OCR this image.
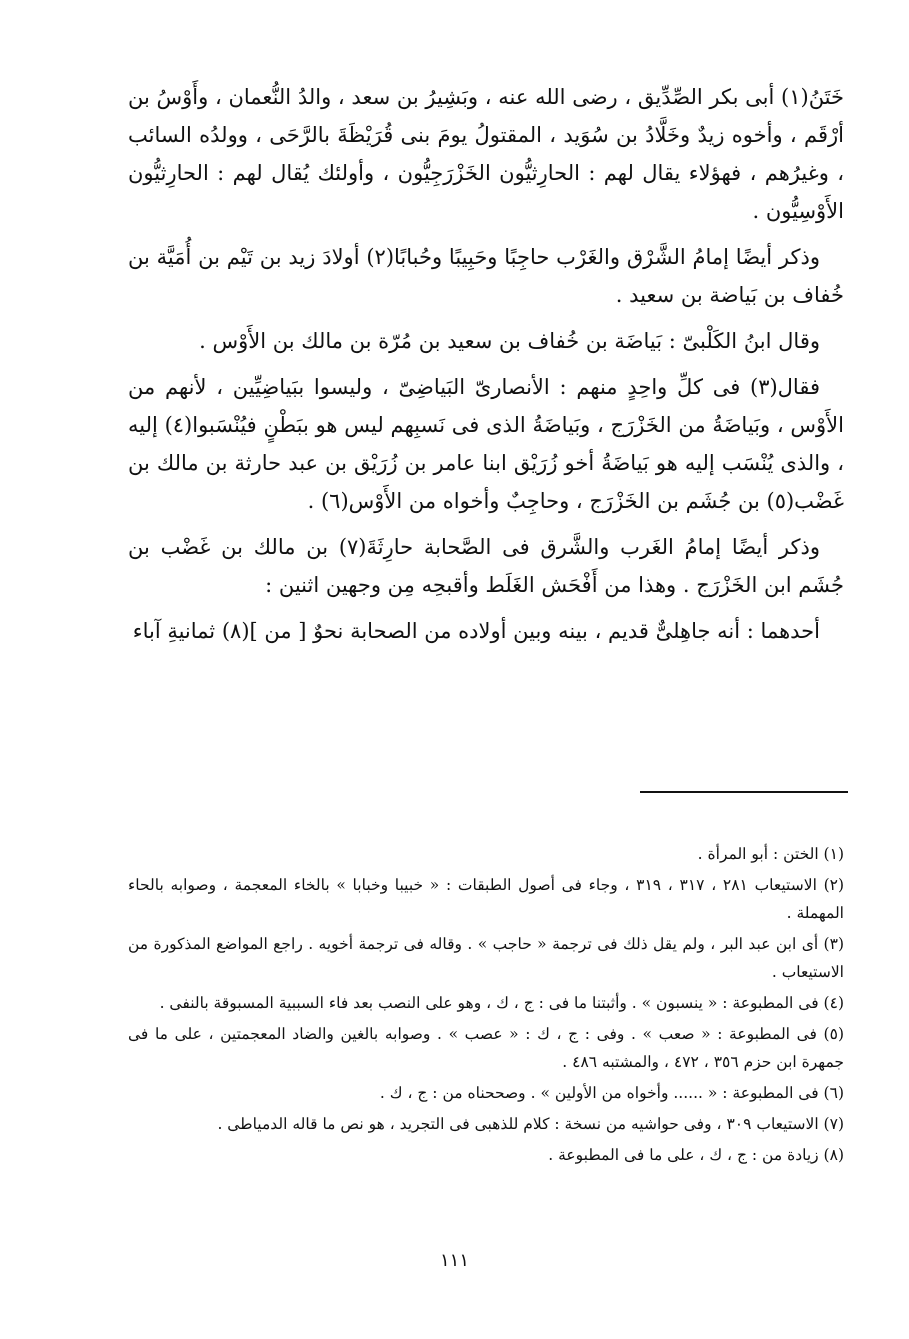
خَتَنُ(١) أبى بكر الصِّدِّيق ، رضى الله عنه ، وبَشِيرُ بن سعد ، والدُ النُّعمان ، وأَوْسُ بن أرْقَم ، وأخوه زيدٌ وخَلَّادُ بن سُوَيد ، المقتولُ يومَ بنى قُرَيْظَةَ بالرَّحَى ، وولدُه السائب ، وغيرُهم ، فهؤلاء يقال لهم : الحارِثيُّون الخَزْرَجِيُّون ، وأولئك يُقال لهم : الحارِثيُّون الأَوْسِيُّون .

وذكر أيضًا إمامُ الشَّرْق والغَرْب حاجِبًا وحَبِيبًا وحُبابًا(٢) أولادَ زيد بن تَيْم بن أُمَيَّة بن خُفاف بن بَياضة بن سعيد .

وقال ابنُ الكَلْبىّ : بَياضَة بن خُفاف بن سعيد بن مُرّة بن مالك بن الأَوْس .

فقال(٣) فى كلِّ واحِدٍ منهم : الأنصارىّ البَياضِىّ ، وليسوا ببَياضِيِّين ، لأنهم من الأَوْس ، وبَياضَةُ من الخَزْرَج ، وبَياضَةُ الذى فى نَسبِهم ليس هو ببَطْنٍ فيُنْسَبوا(٤) إليه ، والذى يُنْسَب إليه هو بَياضَةُ أخو زُرَيْق ابنا عامر بن زُرَيْق بن عبد حارثة بن مالك بن غَضْب(٥) بن جُشَم بن الخَزْرَج ، وحاجِبٌ وأخواه من الأَوْس(٦) .

وذكر أيضًا إمامُ الغَرب والشَّرق فى الصَّحابة حارِثَةَ(٧) بن مالك بن غَضْب بن جُشَم ابن الخَزْرَج . وهذا من أَفْحَش الغَلَط وأقبحِه مِن وجهين اثنين :

أحدهما : أنه جاهِلىٌّ قديم ، بينه وبين أولاده من الصحابة نحوٌ [ من ](٨) ثمانيةِ آباء

(١) الختن : أبو المرأة .

(٢) الاستيعاب ٢٨١ ، ٣١٧ ، ٣١٩ ، وجاء فى أصول الطبقات : « خبيبا وخبابا » بالخاء المعجمة ، وصوابه بالحاء المهملة .

(٣) أى ابن عبد البر ، ولم يقل ذلك فى ترجمة « حاجب » . وقاله فى ترجمة أخويه . راجع المواضع المذكورة من الاستيعاب .

(٤) فى المطبوعة : « ينسبون » . وأثبتنا ما فى : ج ، ك ، وهو على النصب بعد فاء السببية المسبوقة بالنفى .

(٥) فى المطبوعة : « صعب » . وفى : ج ، ك : « عصب » . وصوابه بالغين والضاد المعجمتين ، على ما فى جمهرة ابن حزم ٣٥٦ ، ٤٧٢ ، والمشتبه ٤٨٦ .

(٦) فى المطبوعة : « ...... وأخواه من الأولين » . وصححناه من : ج ، ك .

(٧) الاستيعاب ٣٠٩ ، وفى حواشيه من نسخة : كلام للذهبى فى التجريد ، هو نص ما قاله الدمياطى .

(٨) زيادة من : ج ، ك ، على ما فى المطبوعة .

١١١
